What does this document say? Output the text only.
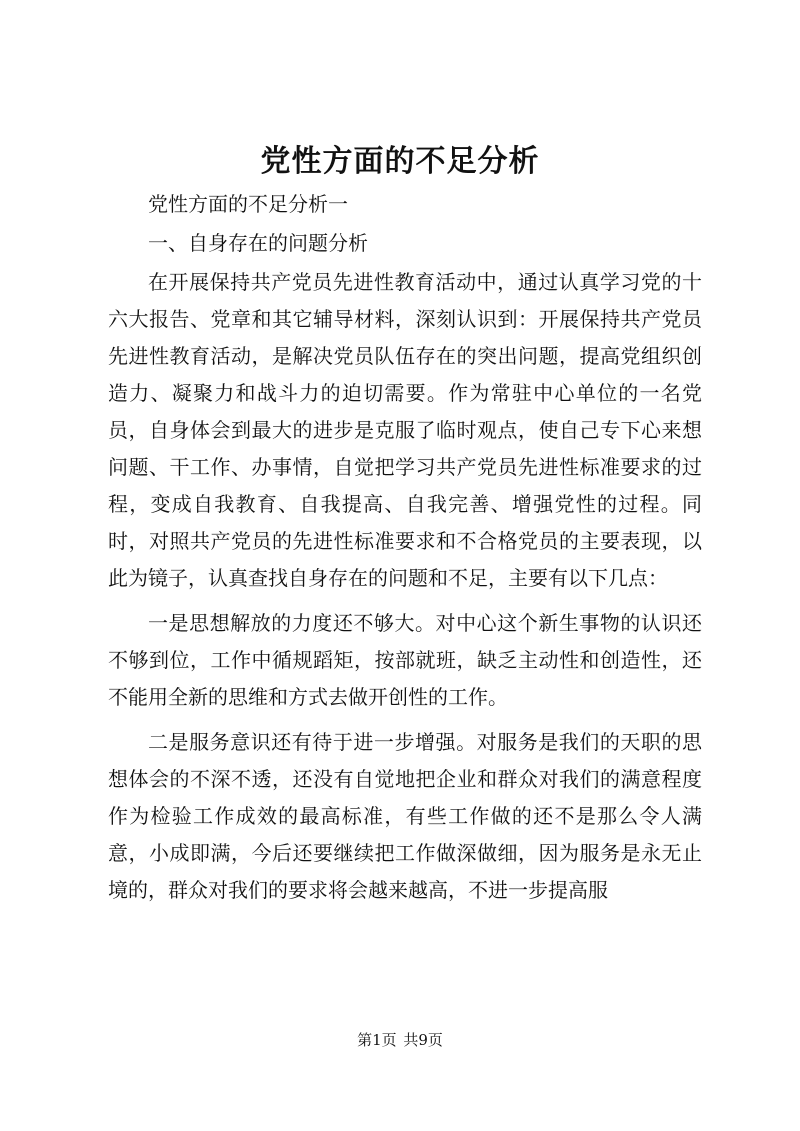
党性方面的不足分析

党性方面的不足分析一

一、自身存在的问题分析

在开展保持共产党员先进性教育活动中，通过认真学习党的十六大报告、党章和其它辅导材料，深刻认识到：开展保持共产党员先进性教育活动，是解决党员队伍存在的突出问题，提高党组织创造力、凝聚力和战斗力的迫切需要。作为常驻中心单位的一名党员，自身体会到最大的进步是克服了临时观点，使自己专下心来想问题、干工作、办事情，自觉把学习共产党员先进性标准要求的过程，变成自我教育、自我提高、自我完善、增强党性的过程。同时，对照共产党员的先进性标准要求和不合格党员的主要表现，以此为镜子，认真查找自身存在的问题和不足，主要有以下几点：

一是思想解放的力度还不够大。对中心这个新生事物的认识还不够到位，工作中循规蹈矩，按部就班，缺乏主动性和创造性，还不能用全新的思维和方式去做开创性的工作。

二是服务意识还有待于进一步增强。对服务是我们的天职的思想体会的不深不透，还没有自觉地把企业和群众对我们的满意程度作为检验工作成效的最高标准，有些工作做的还不是那么令人满意，小成即满，今后还要继续把工作做深做细，因为服务是永无止境的，群众对我们的要求将会越来越高，不进一步提高服

第1页 共9页
